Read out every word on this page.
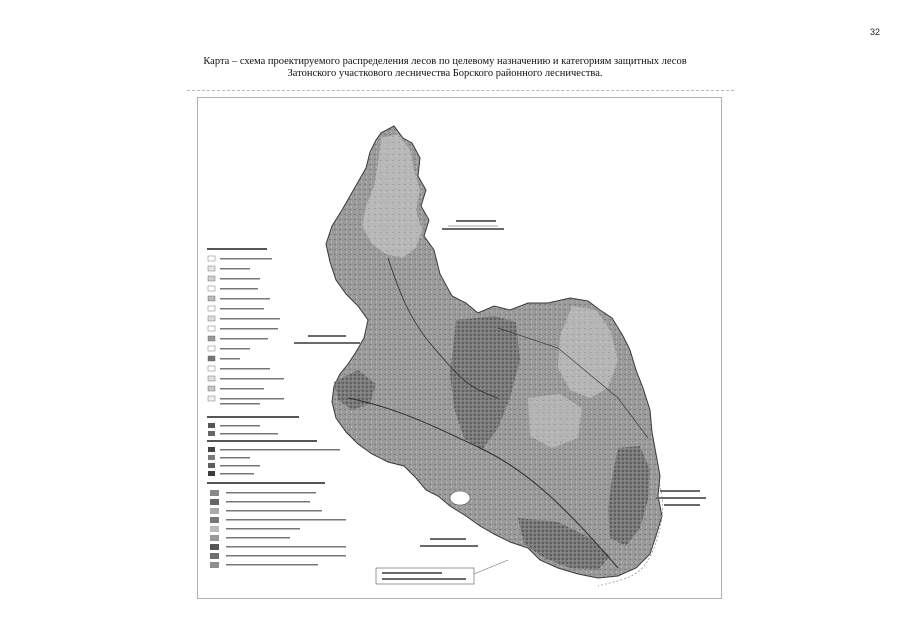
32
Карта – схема проектируемого распределения лесов по целевому назначению и категориям защитных лесов
Затонского участкового лесничества Борского районного лесничества.
